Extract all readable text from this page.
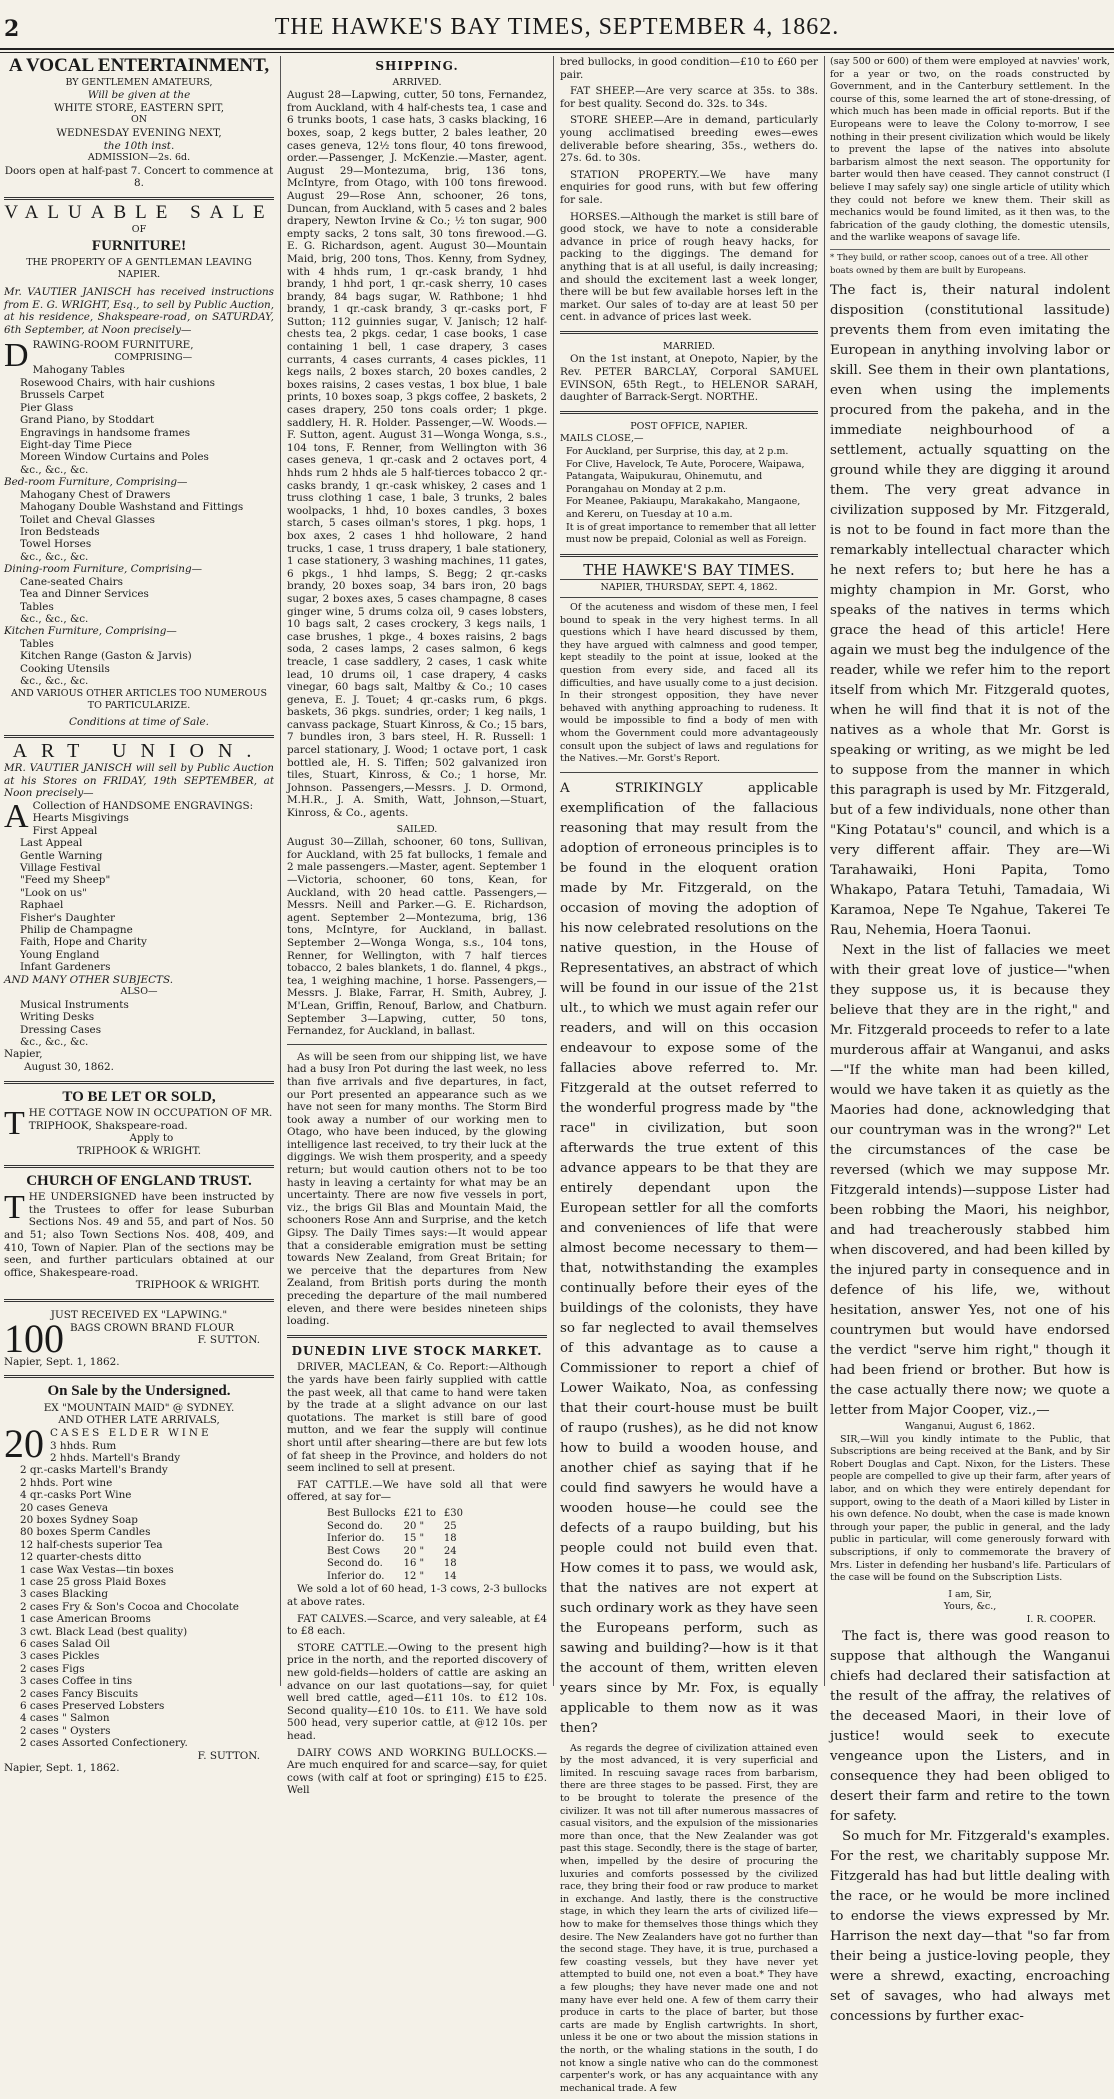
2	THE HAWKE'S BAY TIMES, SEPTEMBER 4, 1862.
A VOCAL ENTERTAINMENT,
BY GENTLEMEN AMATEURS,
Will be given at the
WHITE STORE, EASTERN SPIT,
ON
WEDNESDAY EVENING NEXT,
the 10th inst.
ADMISSION—2s. 6d.
Doors open at half-past 7. Concert to commence at 8.
VALUABLE SALE
OF
FURNITURE!
THE PROPERTY OF A GENTLEMAN LEAVING NAPIER.
Mr. VAUTIER JANISCH has received instructions from E. G. WRIGHT, Esq., to sell by Public Auction, at his residence, Shakspeare-road, on SATURDAY, 6th September, at Noon precisely—
DRAWING-ROOM FURNITURE,
COMPRISING—
Mahogany Tables
Rosewood Chairs, with hair cushions
Brussels Carpet
Pier Glass
Grand Piano, by Stoddart
Engravings in handsome frames
Eight-day Time Piece
Moreen Window Curtains and Poles
&c., &c., &c.
Bed-room Furniture, Comprising—
Mahogany Chest of Drawers
Mahogany Double Washstand and Fittings
Toilet and Cheval Glasses
Iron Bedsteads
Towel Horses
&c., &c., &c.
Dining-room Furniture, Comprising—
Cane-seated Chairs
Tea and Dinner Services
Tables
&c., &c., &c.
Kitchen Furniture, Comprising—
Tables
Kitchen Range (Gaston & Jarvis)
Cooking Utensils
&c., &c., &c.
AND VARIOUS OTHER ARTICLES TOO NUMEROUS TO PARTICULARIZE.
Conditions at time of Sale.
ART UNION.
MR. VAUTIER JANISCH will sell by Public Auction at his Stores on FRIDAY, 19th SEPTEMBER, at Noon precisely—
A Collection of HANDSOME ENGRAVINGS:
Hearts Misgivings
First Appeal
Last Appeal
Gentle Warning
Village Festival
"Feed my Sheep"
"Look on us"
Raphael
Fisher's Daughter
Philip de Champagne
Faith, Hope and Charity
Young England
Infant Gardeners
AND MANY OTHER SUBJECTS.
ALSO—
Musical Instruments
Writing Desks
Dressing Cases
&c., &c., &c.
Napier,
August 30, 1862.
TO BE LET OR SOLD,
THE COTTAGE NOW IN OCCUPATION OF MR. TRIPHOOK, Shakspeare-road.
Apply to
TRIPHOOK & WRIGHT.
CHURCH OF ENGLAND TRUST.
THE UNDERSIGNED have been instructed by the Trustees to offer for lease Suburban Sections Nos. 49 and 55, and part of Nos. 50 and 51; also Town Sections Nos. 408, 409, and 410, Town of Napier. Plan of the sections may be seen, and further particulars obtained at our office, Shakespeare-road.
TRIPHOOK & WRIGHT.
JUST RECEIVED EX "LAPWING."
100 BAGS CROWN BRAND FLOUR
F. SUTTON.
Napier, Sept. 1, 1862.
On Sale by the Undersigned.
EX "MOUNTAIN MAID" @ SYDNEY.
AND OTHER LATE ARRIVALS,
20 CASES ELDER WINE
3 hhds. Rum
2 hhds. Martell's Brandy
2 qr.-casks Martell's Brandy
2 hhds. Port wine
4 qr.-casks Port Wine
20 cases Geneva
20 boxes Sydney Soap
80 boxes Sperm Candles
12 half-chests superior Tea
12 quarter-chests ditto
1 case Wax Vestas—tin boxes
1 case 25 gross Plaid Boxes
3 cases Blacking
2 cases Fry & Son's Cocoa and Chocolate
1 case American Brooms
3 cwt. Black Lead (best quality)
6 cases Salad Oil
3 cases Pickles
2 cases Figs
3 cases Coffee in tins
2 cases Fancy Biscuits
6 cases Preserved Lobsters
4 cases " Salmon
2 cases " Oysters
2 cases Assorted Confectionery.
F. SUTTON.
Napier, Sept. 1, 1862.
SHIPPING.
ARRIVED.

August 28—Lapwing, cutter, 50 tons, Fernandez, from Auckland, with 4 half-chests tea, 1 case and 6 trunks boots, 1 case hats, 3 casks blacking, 16 boxes, soap, 2 kegs butter, 2 bales leather, 20 cases geneva, 12½ tons flour, 40 tons firewood, order.—Passenger, J. McKenzie.—Master, agent. August 29—Montezuma, brig, 136 tons, McIntyre, from Otago, with 100 tons firewood. August 29—Rose Ann, schooner, 26 tons, Duncan, from Auckland, with 5 cases and 2 bales drapery, Newton Irvine & Co.; ½ ton sugar, 900 empty sacks, 2 tons salt, 30 tons firewood.—G. E. G. Richardson, agent. August 30—Mountain Maid, brig, 200 tons, Thos. Kenny, from Sydney, with 4 hhds rum, 1 qr.-cask brandy, 1 hhd brandy, 1 hhd port, 1 qr.-cask sherry, 10 cases brandy, 84 bags sugar, W. Rathbone; 1 hhd brandy, 1 qr.-cask brandy, 3 qr.-casks port, F Sutton; 112 guinnies sugar, V. Janisch; 12 half-chests tea, 2 pkgs. cedar, 1 case books, 1 case containing 1 bell, 1 case drapery, 3 cases currants, 4 cases currants, 4 cases pickles, 11 kegs nails, 2 boxes starch, 20 boxes candles, 2 boxes raisins, 2 cases vestas, 1 box blue, 1 bale prints, 10 boxes soap, 3 pkgs coffee, 2 baskets, 2 cases drapery, 250 tons coals order; 1 pkge. saddlery, H. R. Holder. Passenger,—W. Woods.—F. Sutton, agent. August 31—Wonga Wonga, s.s., 104 tons, F. Renner, from Wellington with 36 cases geneva, 1 qr.-cask and 2 octaves port, 4 hhds rum 2 hhds ale 5 half-tierces tobacco 2 qr.-casks brandy, 1 qr.-cask whiskey, 2 cases and 1 truss clothing 1 case, 1 bale, 3 trunks, 2 bales woolpacks, 1 hhd, 10 boxes candles, 3 boxes starch, 5 cases oilman's stores, 1 pkg. hops, 1 box axes, 2 cases 1 hhd holloware, 2 hand trucks, 1 case, 1 truss drapery, 1 bale stationery, 1 case stationery, 3 washing machines, 11 gates, 6 pkgs., 1 hhd lamps, S. Begg; 2 qr.-casks brandy, 20 boxes soap, 34 bars iron, 20 bags sugar, 2 boxes axes, 5 cases champagne, 8 cases ginger wine, 5 drums colza oil, 9 cases lobsters, 10 bags salt, 2 cases crockery, 3 kegs nails, 1 case brushes, 1 pkge., 4 boxes raisins, 2 bags soda, 2 cases lamps, 2 cases salmon, 6 kegs treacle, 1 case saddlery, 2 cases, 1 cask white lead, 10 drums oil, 1 case drapery, 4 casks vinegar, 60 bags salt, Maltby & Co.; 10 cases geneva, E. J. Touet; 4 qr.-casks rum, 6 pkgs. baskets, 36 pkgs. sundries, order; 1 keg nails, 1 canvass package, Stuart Kinross, & Co.; 15 bars, 7 bundles iron, 3 bars steel, H. R. Russell: 1 parcel stationary, J. Wood; 1 octave port, 1 cask bottled ale, H. S. Tiffen; 502 galvanized iron tiles, Stuart, Kinross, & Co.; 1 horse, Mr. Johnson. Passengers,—Messrs. J. D. Ormond, M.H.R., J. A. Smith, Watt, Johnson,—Stuart, Kinross, & Co., agents.

SAILED.

August 30—Zillah, schooner, 60 tons, Sullivan, for Auckland, with 25 fat bullocks, 1 female and 2 male passengers.—Master, agent. September 1—Victoria, schooner, 60 tons, Kean, for Auckland, with 20 head cattle. Passengers,—Messrs. Neill and Parker.—G. E. Richardson, agent. September 2—Montezuma, brig, 136 tons, McIntyre, for Auckland, in ballast. September 2—Wonga Wonga, s.s., 104 tons, Renner, for Wellington, with 7 half tierces tobacco, 2 bales blankets, 1 do. flannel, 4 pkgs., tea, 1 weighing machine, 1 horse. Passengers,—Messrs. J. Blake, Farrar, H. Smith, Aubrey, J. M'Lean, Griffin, Renouf, Barlow, and Chatburn. September 3—Lapwing, cutter, 50 tons, Fernandez, for Auckland, in ballast.

As will be seen from our shipping list, we have had a busy Iron Pot during the last week, no less than five arrivals and five departures, in fact, our Port presented an appearance such as we have not seen for many months. The Storm Bird took away a number of our working men to Otago, who have been induced, by the glowing intelligence last received, to try their luck at the diggings. We wish them prosperity, and a speedy return; but would caution others not to be too hasty in leaving a certainty for what may be an uncertainty. There are now five vessels in port, viz., the brigs Gil Blas and Mountain Maid, the schooners Rose Ann and Surprise, and the ketch Gipsy. The Daily Times says:—It would appear that a considerable emigration must be setting towards New Zealand, from Great Britain; for we perceive that the departures from New Zealand, from British ports during the month preceding the departure of the mail numbered eleven, and there were besides nineteen ships loading.

DUNEDIN LIVE STOCK MARKET.

DRIVER, MACLEAN, & Co. Report:—Although the yards have been fairly supplied with cattle the past week, all that came to hand were taken by the trade at a slight advance on our last quotations. The market is still bare of good mutton, and we fear the supply will continue short until after shearing—there are but few lots of fat sheep in the Province, and holders do not seem inclined to sell at present.

FAT CATTLE.—We have sold all that were offered, at say for—

Best Bullocks	£21 to	£30
Second do.	20 "	25
Inferior do.	15 "	18
Best Cows	20 "	24
Second do.	16 "	18
Inferior do.	12 "	14

We sold a lot of 60 head, 1-3 cows, 2-3 bullocks at above rates.

FAT CALVES.—Scarce, and very saleable, at £4 to £8 each.

STORE CATTLE.—Owing to the present high price in the north, and the reported discovery of new gold-fields—holders of cattle are asking an advance on our last quotations—say, for quiet well bred cattle, aged—£11 10s. to £12 10s. Second quality—£10 10s. to £11. We have sold 500 head, very superior cattle, at @12 10s. per head.

DAIRY COWS AND WORKING BULLOCKS.—Are much enquired for and scarce—say, for quiet cows (with calf at foot or springing) £15 to £25. Well

bred bullocks, in good condition—£10 to £60 per pair.

FAT SHEEP.—Are very scarce at 35s. to 38s. for best quality. Second do. 32s. to 34s.

STORE SHEEP.—Are in demand, particularly young acclimatised breeding ewes—ewes deliverable before shearing, 35s., wethers do. 27s. 6d. to 30s.

STATION PROPERTY.—We have many enquiries for good runs, with but few offering for sale.

HORSES.—Although the market is still bare of good stock, we have to note a considerable advance in price of rough heavy hacks, for packing to the diggings. The demand for anything that is at all useful, is daily increasing; and should the excitement last a week longer, there will be but few available horses left in the market. Our sales of to-day are at least 50 per cent. in advance of prices last week.

MARRIED.

On the 1st instant, at Onepoto, Napier, by the Rev. PETER BARCLAY, Corporal SAMUEL EVINSON, 65th Regt., to HELENOR SARAH, daughter of Barrack-Sergt. NORTHE.

POST OFFICE, NAPIER.
MAILS CLOSE,—
For Auckland, per Surprise, this day, at 2 p.m.
For Clive, Havelock, Te Aute, Porocere, Waipawa, Patangata, Waipukurau, Ohinemutu, and Porangahau on Monday at 2 p.m.
For Meanee, Pakiaupu, Marakakaho, Mangaone, and Kereru, on Tuesday at 10 a.m.
It is of great importance to remember that all letter must now be prepaid, Colonial as well as Foreign.
THE HAWKE'S BAY TIMES.
NAPIER, THURSDAY, SEPT. 4, 1862.

Of the acuteness and wisdom of these men, I feel bound to speak in the very highest terms. In all questions which I have heard discussed by them, they have argued with calmness and good temper, kept steadily to the point at issue, looked at the question from every side, and faced all its difficulties, and have usually come to a just decision. In their strongest opposition, they have never behaved with anything approaching to rudeness. It would be impossible to find a body of men with whom the Government could more advantageously consult upon the subject of laws and regulations for the Natives.—Mr. Gorst's Report.

A STRIKINGLY applicable exemplification of the fallacious reasoning that may result from the adoption of erroneous principles is to be found in the eloquent oration made by Mr. Fitzgerald, on the occasion of moving the adoption of his now celebrated resolutions on the native question, in the House of Representatives, an abstract of which will be found in our issue of the 21st ult., to which we must again refer our readers, and will on this occasion endeavour to expose some of the fallacies above referred to. Mr. Fitzgerald at the outset referred to the wonderful progress made by "the race" in civilization, but soon afterwards the true extent of this advance appears to be that they are entirely dependant upon the European settler for all the comforts and conveniences of life that were almost become necessary to them—that, notwithstanding the examples continually before their eyes of the buildings of the colonists, they have so far neglected to avail themselves of this advantage as to cause a Commissioner to report a chief of Lower Waikato, Noa, as confessing that their court-house must be built of raupo (rushes), as he did not know how to build a wooden house, and another chief as saying that if he could find sawyers he would have a wooden house—he could see the defects of a raupo building, but his people could not build even that. How comes it to pass, we would ask, that the natives are not expert at such ordinary work as they have seen the Europeans perform, such as sawing and building?—how is it that the account of them, written eleven years since by Mr. Fox, is equally applicable to them now as it was then?

As regards the degree of civilization attained even by the most advanced, it is very superficial and limited. In rescuing savage races from barbarism, there are three stages to be passed. First, they are to be brought to tolerate the presence of the civilizer. It was not till after numerous massacres of casual visitors, and the expulsion of the missionaries more than once, that the New Zealander was got past this stage. Secondly, there is the stage of barter, when, impelled by the desire of procuring the luxuries and comforts possessed by the civilized race, they bring their food or raw produce to market in exchange. And lastly, there is the constructive stage, in which they learn the arts of civilized life—how to make for themselves those things which they desire. The New Zealanders have got no further than the second stage. They have, it is true, purchased a few coasting vessels, but they have never yet attempted to build one, not even a boat.* They have a few ploughs; they have never made one and not many have ever held one. A few of them carry their produce in carts to the place of barter, but those carts are made by English cartwrights. In short, unless it be one or two about the mission stations in the north, or the whaling stations in the south, I do not know a single native who can do the commonest carpenter's work, or has any acquaintance with any mechanical trade. A few

(say 500 or 600) of them were employed at navvies' work, for a year or two, on the roads constructed by Government, and in the Canterbury settlement. In the course of this, some learned the art of stone-dressing, of which much has been made in official reports. But if the Europeans were to leave the Colony to-morrow, I see nothing in their present civilization which would be likely to prevent the lapse of the natives into absolute barbarism almost the next season. The opportunity for barter would then have ceased. They cannot construct (I believe I may safely say) one single article of utility which they could not before we knew them. Their skill as mechanics would be found limited, as it then was, to the fabrication of the gaudy clothing, the domestic utensils, and the warlike weapons of savage life.

* They build, or rather scoop, canoes out of a tree. All other boats owned by them are built by Europeans.
The fact is, their natural indolent disposition (constitutional lassitude) prevents them from even imitating the European in anything involving labor or skill. See them in their own plantations, even when using the implements procured from the pakeha, and in the immediate neighbourhood of a settlement, actually squatting on the ground while they are digging it around them. The very great advance in civilization supposed by Mr. Fitzgerald, is not to be found in fact more than the remarkably intellectual character which he next refers to; but here he has a mighty champion in Mr. Gorst, who speaks of the natives in terms which grace the head of this article! Here again we must beg the indulgence of the reader, while we refer him to the report itself from which Mr. Fitzgerald quotes, when he will find that it is not of the natives as a whole that Mr. Gorst is speaking or writing, as we might be led to suppose from the manner in which this paragraph is used by Mr. Fitzgerald, but of a few individuals, none other than "King Potatau's" council, and which is a very different affair. They are—Wi Tarahawaiki, Honi Papita, Tomo Whakapo, Patara Tetuhi, Tamadaia, Wi Karamoa, Nepe Te Ngahue, Takerei Te Rau, Nehemia, Hoera Taonui.
Next in the list of fallacies we meet with their great love of justice—"when they suppose us, it is because they believe that they are in the right," and Mr. Fitzgerald proceeds to refer to a late murderous affair at Wanganui, and asks—"If the white man had been killed, would we have taken it as quietly as the Maories had done, acknowledging that our countryman was in the wrong?" Let the circumstances of the case be reversed (which we may suppose Mr. Fitzgerald intends)—suppose Lister had been robbing the Maori, his neighbor, and had treacherously stabbed him when discovered, and had been killed by the injured party in consequence and in defence of his life, we, without hesitation, answer Yes, not one of his countrymen but would have endorsed the verdict "serve him right," though it had been friend or brother. But how is the case actually there now; we quote a letter from Major Cooper, viz.,—
Wanganui, August 6, 1862.

SIR,—Will you kindly intimate to the Public, that Subscriptions are being received at the Bank, and by Sir Robert Douglas and Capt. Nixon, for the Listers. These people are compelled to give up their farm, after years of labor, and on which they were entirely dependant for support, owing to the death of a Maori killed by Lister in his own defence. No doubt, when the case is made known through your paper, the public in general, and the lady public in particular, will come generously forward with subscriptions, if only to commemorate the bravery of Mrs. Lister in defending her husband's life. Particulars of the case will be found on the Subscription Lists.

I am, Sir,
Yours, &c.,
I. R. COOPER.
The fact is, there was good reason to suppose that although the Wanganui chiefs had declared their satisfaction at the result of the affray, the relatives of the deceased Maori, in their love of justice! would seek to execute vengeance upon the Listers, and in consequence they had been obliged to desert their farm and retire to the town for safety.
So much for Mr. Fitzgerald's examples. For the rest, we charitably suppose Mr. Fitzgerald has had but little dealing with the race, or he would be more inclined to endorse the views expressed by Mr. Harrison the next day—that "so far from their being a justice-loving people, they were a shrewd, exacting, encroaching set of savages, who had always met concessions by further exac-
